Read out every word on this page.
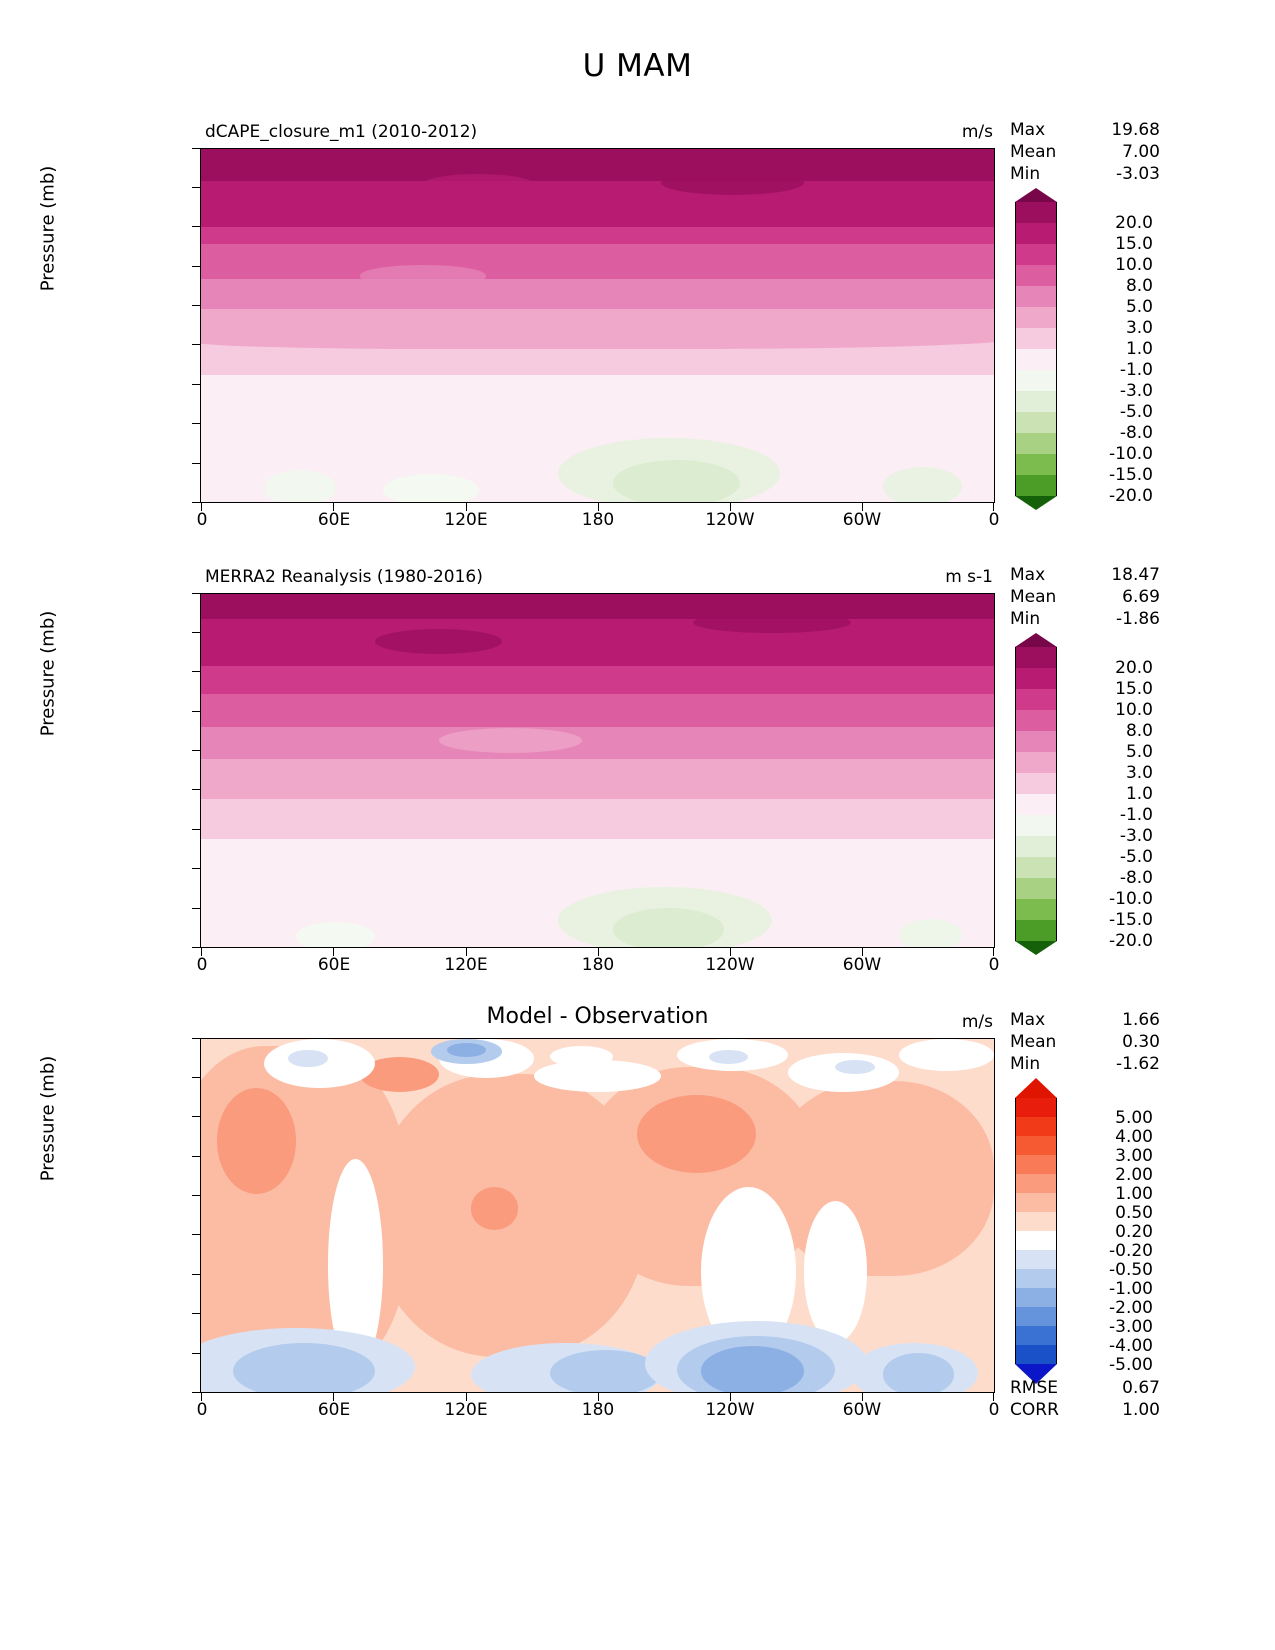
U MAM
dCAPE_closure_m1 (2010-2012)	m/s
Pressure (mb)
0	60E	120E	180	120W	60W	0
Max	19.68
Mean	7.00
Min	-3.03
20.0
15.0
10.0
8.0
5.0
3.0
1.0
-1.0
-3.0
-5.0
-8.0
-10.0
-15.0
-20.0
MERRA2 Reanalysis (1980-2016)	m s-1
Pressure (mb)
0	60E	120E	180	120W	60W	0
Max	18.47
Mean	6.69
Min	-1.86
20.0
15.0
10.0
8.0
5.0
3.0
1.0
-1.0
-3.0
-5.0
-8.0
-10.0
-15.0
-20.0
Model - Observation	m/s
Pressure (mb)
0	60E	120E	180	120W	60W	0
Max	1.66
Mean	0.30
Min	-1.62
5.00
4.00
3.00
2.00
1.00
0.50
0.20
-0.20
-0.50
-1.00
-2.00
-3.00
-4.00
-5.00
RMSE	0.67
CORR	1.00
